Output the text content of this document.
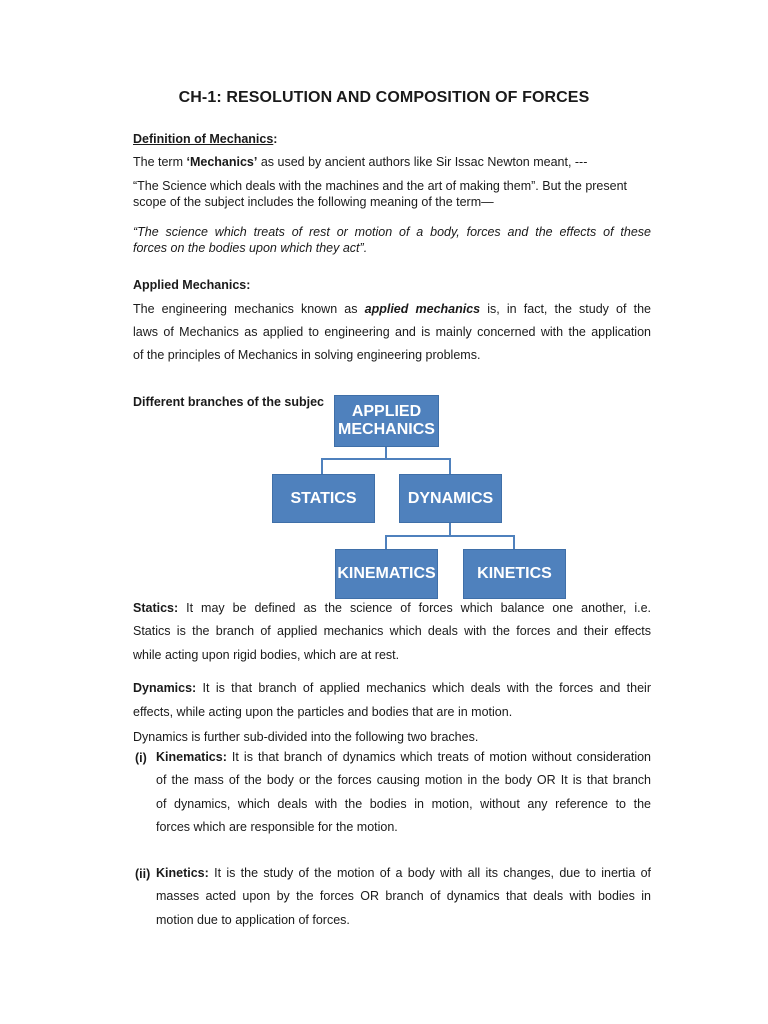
CH-1: RESOLUTION AND COMPOSITION OF FORCES

Definition of Mechanics:

The term ‘Mechanics’ as used by ancient authors like Sir Issac Newton meant, ---

“The Science which deals with the machines and the art of making them”. But the present

scope of the subject includes the following meaning of the term—

“The science which treats of rest or motion of a body, forces and the effects of these

forces on the bodies upon which they act”.

Applied Mechanics:

The engineering mechanics known as applied mechanics is, in fact, the study of the

laws of Mechanics as applied to engineering and is mainly concerned with the application

of the principles of Mechanics in solving engineering problems.

Different branches of the subjec

APPLIED
MECHANICS
STATICS	DYNAMICS
KINEMATICS	KINETICS

Statics: It may be defined as the science of forces which balance one another, i.e.

Statics is the branch of applied mechanics which deals with the forces and their effects

while acting upon rigid bodies, which are at rest.

Dynamics: It is that branch of applied mechanics which deals with the forces and their

effects, while acting upon the particles and bodies that are in motion.

Dynamics is further sub-divided into the following two braches.

(i) Kinematics: It is that branch of dynamics which treats of motion without consideration

of the mass of the body or the forces causing motion in the body OR It is that branch

of dynamics, which deals with the bodies in motion, without any reference to the

forces which are responsible for the motion.

(ii) Kinetics: It is the study of the motion of a body with all its changes, due to inertia of

masses acted upon by the forces OR branch of dynamics that deals with bodies in

motion due to application of forces.
